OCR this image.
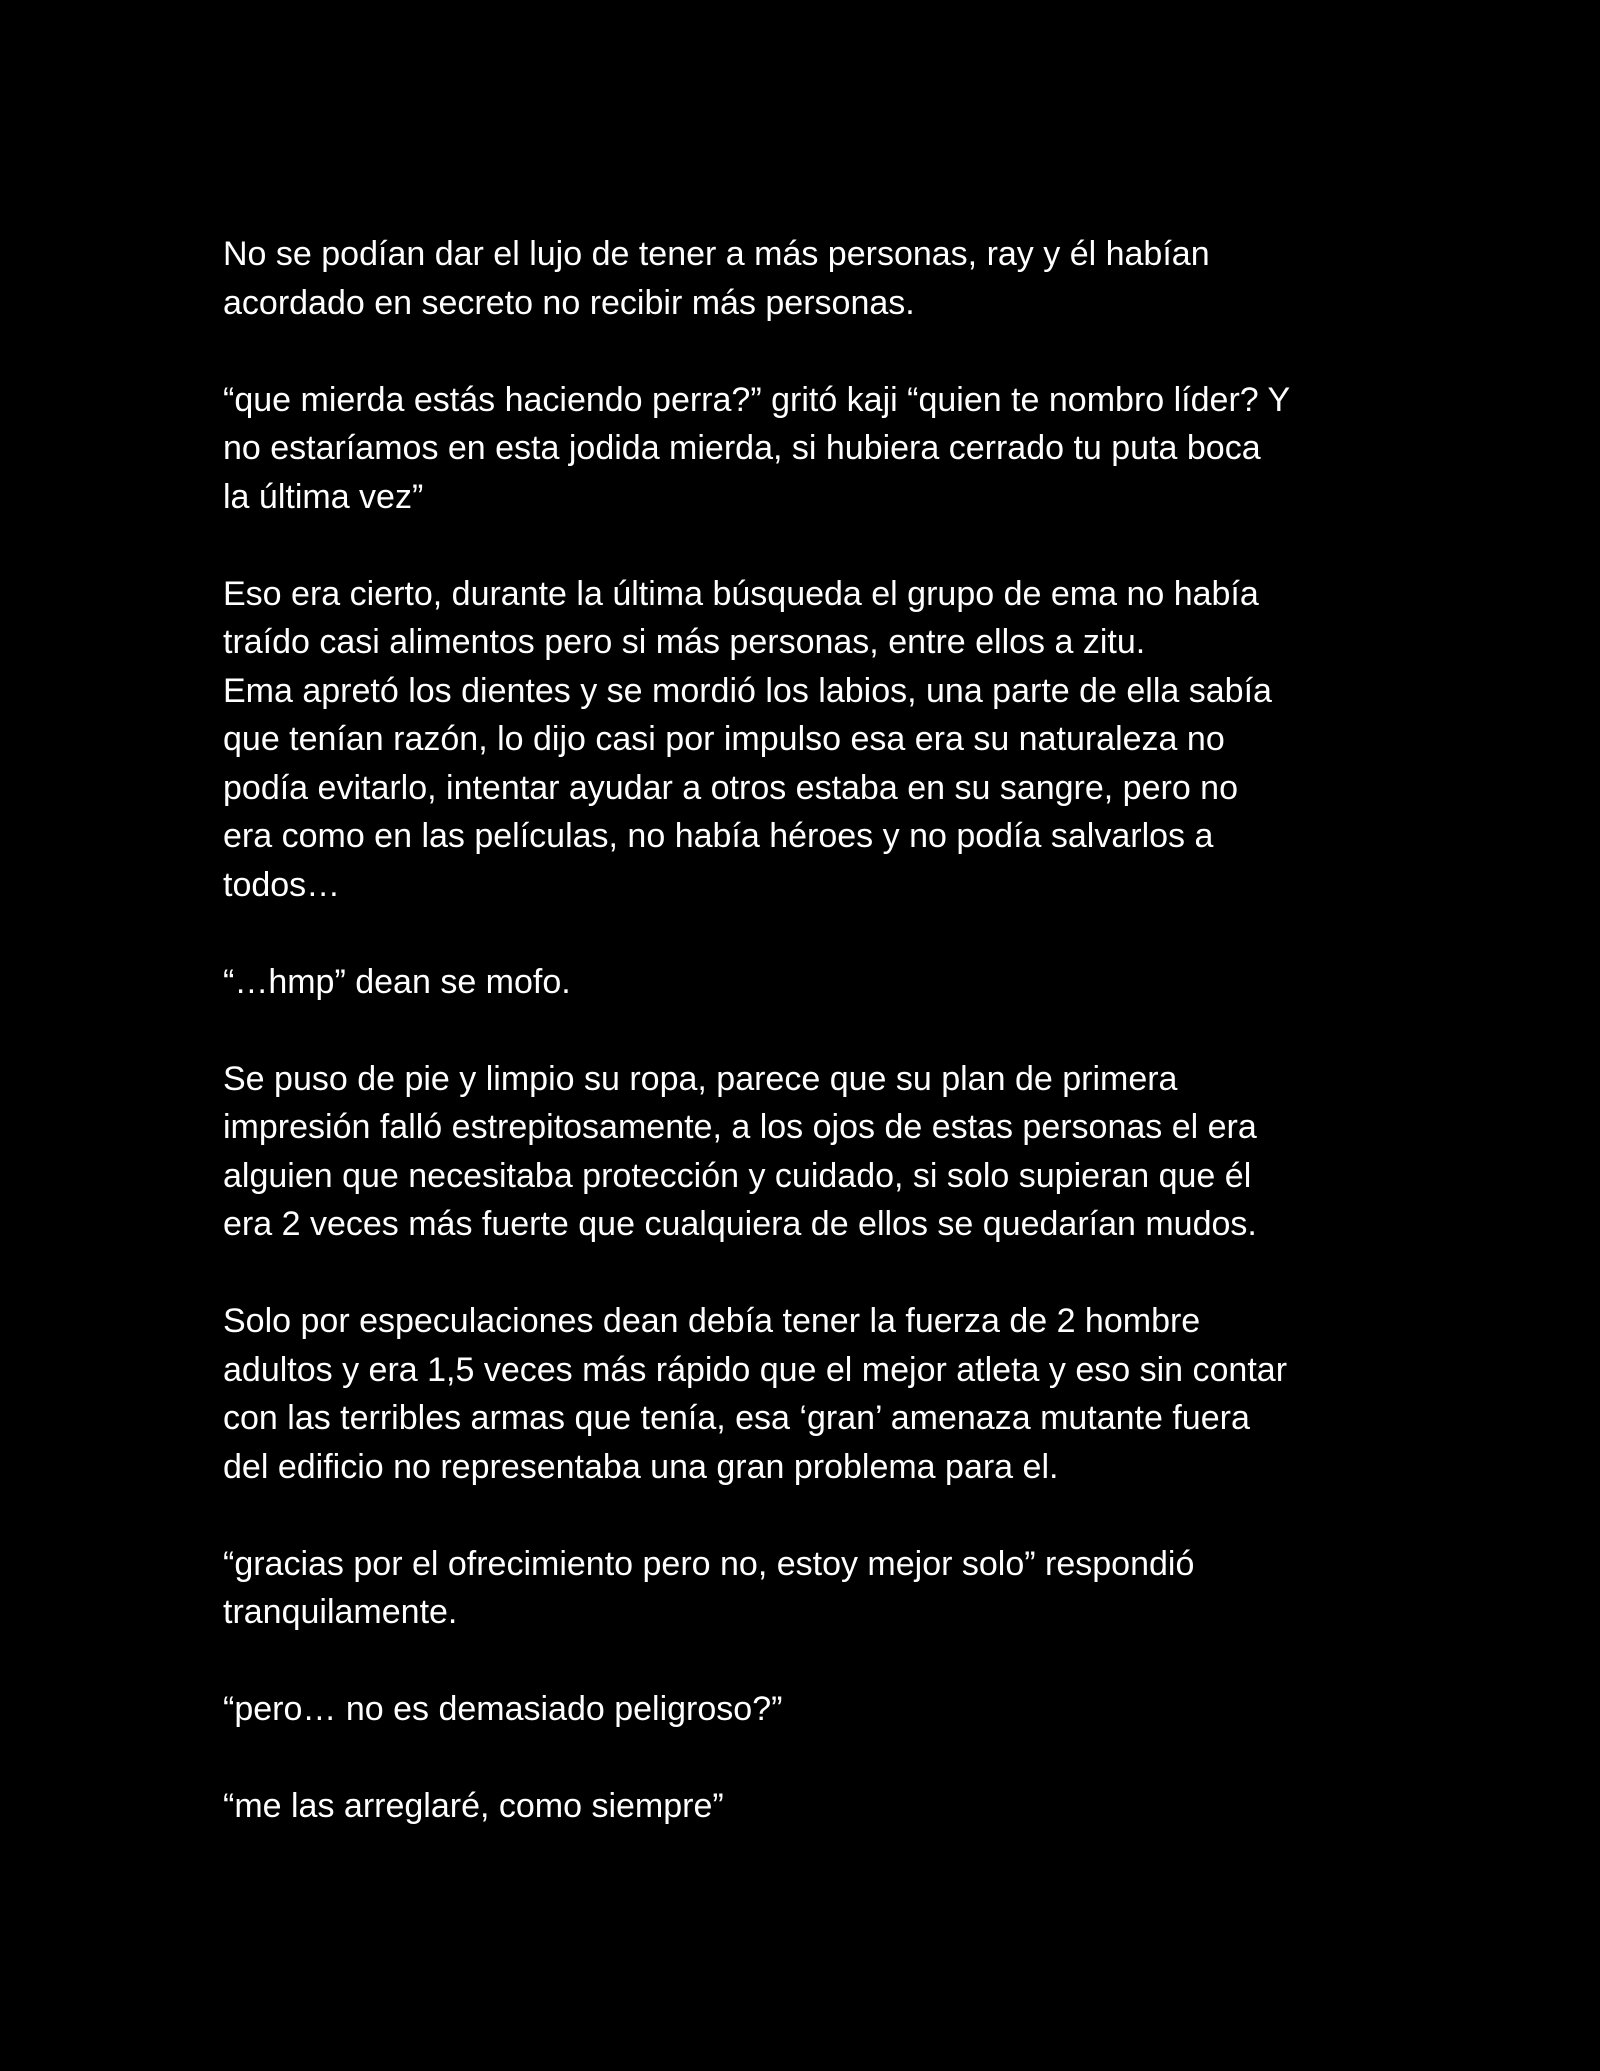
No se podían dar el lujo de tener a más personas, ray y él habían
acordado en secreto no recibir más personas.

“que mierda estás haciendo perra?” gritó kaji “quien te nombro líder? Y
no estaríamos en esta jodida mierda, si hubiera cerrado tu puta boca
la última vez”

Eso era cierto, durante la última búsqueda el grupo de ema no había
traído casi alimentos pero si más personas, entre ellos a zitu.
Ema apretó los dientes y se mordió los labios, una parte de ella sabía
que tenían razón, lo dijo casi por impulso esa era su naturaleza no
podía evitarlo, intentar ayudar a otros estaba en su sangre, pero no
era como en las películas, no había héroes y no podía salvarlos a
todos…

“…hmp” dean se mofo.

Se puso de pie y limpio su ropa, parece que su plan de primera
impresión falló estrepitosamente, a los ojos de estas personas el era
alguien que necesitaba protección y cuidado, si solo supieran que él
era 2 veces más fuerte que cualquiera de ellos se quedarían mudos.

Solo por especulaciones dean debía tener la fuerza de 2 hombre
adultos y era 1,5 veces más rápido que el mejor atleta y eso sin contar
con las terribles armas que tenía, esa ‘gran’ amenaza mutante fuera
del edificio no representaba una gran problema para el.

“gracias por el ofrecimiento pero no, estoy mejor solo” respondió
tranquilamente.

“pero… no es demasiado peligroso?”

“me las arreglaré, como siempre”
